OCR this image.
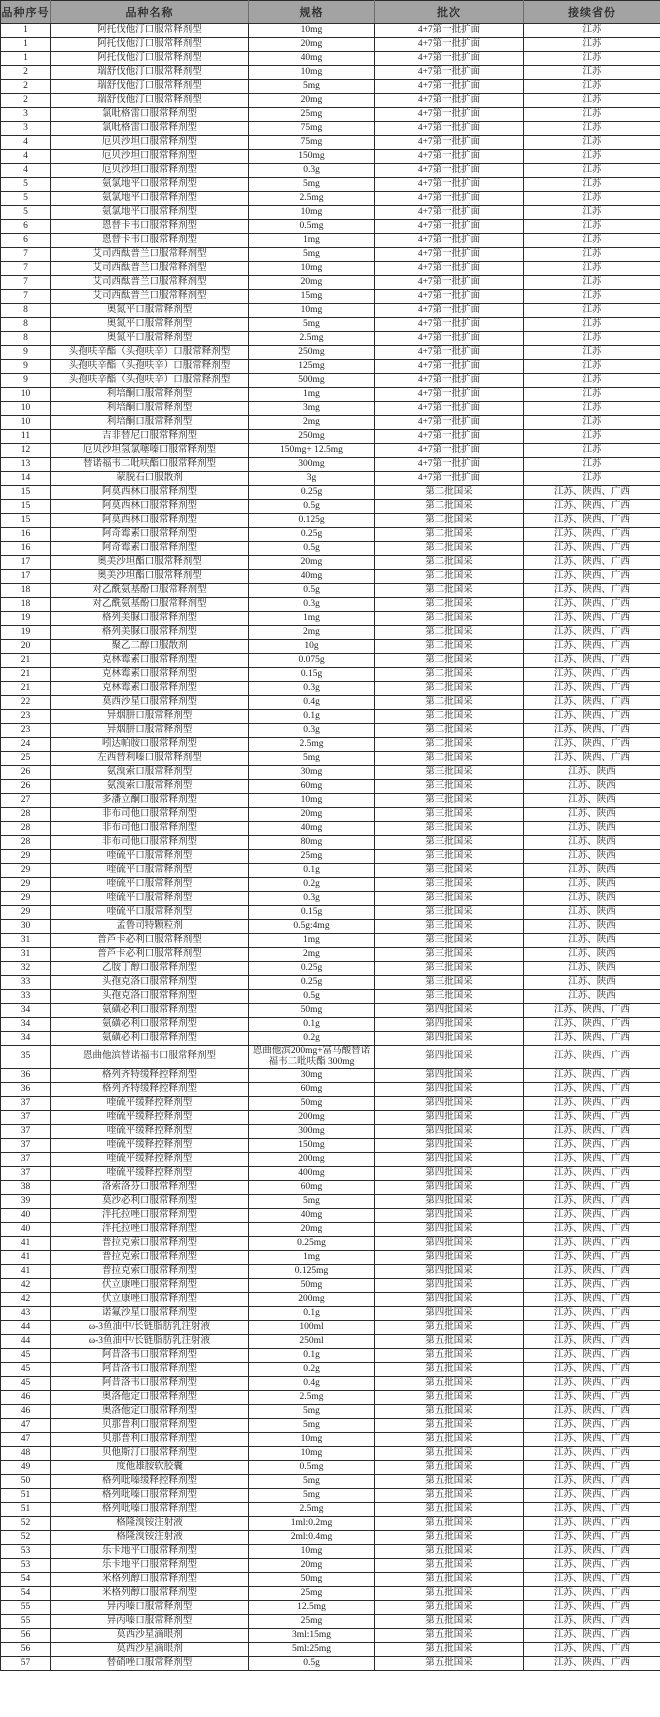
品种序号	品种名称	规格	批次	接续省份
1	阿托伐他汀口服常释剂型	10mg	4+7第一批扩面	江苏
1	阿托伐他汀口服常释剂型	20mg	4+7第一批扩面	江苏
1	阿托伐他汀口服常释剂型	40mg	4+7第一批扩面	江苏
2	瑞舒伐他汀口服常释剂型	10mg	4+7第一批扩面	江苏
2	瑞舒伐他汀口服常释剂型	5mg	4+7第一批扩面	江苏
2	瑞舒伐他汀口服常释剂型	20mg	4+7第一批扩面	江苏
3	氯吡格雷口服常释剂型	25mg	4+7第一批扩面	江苏
3	氯吡格雷口服常释剂型	75mg	4+7第一批扩面	江苏
4	厄贝沙坦口服常释剂型	75mg	4+7第一批扩面	江苏
4	厄贝沙坦口服常释剂型	150mg	4+7第一批扩面	江苏
4	厄贝沙坦口服常释剂型	0.3g	4+7第一批扩面	江苏
5	氨氯地平口服常释剂型	5mg	4+7第一批扩面	江苏
5	氨氯地平口服常释剂型	2.5mg	4+7第一批扩面	江苏
5	氨氯地平口服常释剂型	10mg	4+7第一批扩面	江苏
6	恩替卡韦口服常释剂型	0.5mg	4+7第一批扩面	江苏
6	恩替卡韦口服常释剂型	1mg	4+7第一批扩面	江苏
7	艾司西酞普兰口服常释剂型	5mg	4+7第一批扩面	江苏
7	艾司西酞普兰口服常释剂型	10mg	4+7第一批扩面	江苏
7	艾司西酞普兰口服常释剂型	20mg	4+7第一批扩面	江苏
7	艾司西酞普兰口服常释剂型	15mg	4+7第一批扩面	江苏
8	奥氮平口服常释剂型	10mg	4+7第一批扩面	江苏
8	奥氮平口服常释剂型	5mg	4+7第一批扩面	江苏
8	奥氮平口服常释剂型	2.5mg	4+7第一批扩面	江苏
9	头孢呋辛酯（头孢呋辛）口服常释剂型	250mg	4+7第一批扩面	江苏
9	头孢呋辛酯（头孢呋辛）口服常释剂型	125mg	4+7第一批扩面	江苏
9	头孢呋辛酯（头孢呋辛）口服常释剂型	500mg	4+7第一批扩面	江苏
10	利培酮口服常释剂型	1mg	4+7第一批扩面	江苏
10	利培酮口服常释剂型	3mg	4+7第一批扩面	江苏
10	利培酮口服常释剂型	2mg	4+7第一批扩面	江苏
11	吉非替尼口服常释剂型	250mg	4+7第一批扩面	江苏
12	厄贝沙坦氢氯噻嗪口服常释剂型	150mg+ 12.5mg	4+7第一批扩面	江苏
13	替诺福韦二吡呋酯口服常释剂型	300mg	4+7第一批扩面	江苏
14	蒙脱石口服散剂	3g	4+7第一批扩面	江苏
15	阿莫西林口服常释剂型	0.25g	第二批国采	江苏、陕西、广西
15	阿莫西林口服常释剂型	0.5g	第二批国采	江苏、陕西、广西
15	阿莫西林口服常释剂型	0.125g	第二批国采	江苏、陕西、广西
16	阿奇霉素口服常释剂型	0.25g	第二批国采	江苏、陕西、广西
16	阿奇霉素口服常释剂型	0.5g	第二批国采	江苏、陕西、广西
17	奥美沙坦酯口服常释剂型	20mg	第二批国采	江苏、陕西、广西
17	奥美沙坦酯口服常释剂型	40mg	第二批国采	江苏、陕西、广西
18	对乙酰氨基酚口服常释剂型	0.5g	第二批国采	江苏、陕西、广西
18	对乙酰氨基酚口服常释剂型	0.3g	第二批国采	江苏、陕西、广西
19	格列美脲口服常释剂型	1mg	第二批国采	江苏、陕西、广西
19	格列美脲口服常释剂型	2mg	第二批国采	江苏、陕西、广西
20	聚乙二醇口服散剂	10g	第二批国采	江苏、陕西、广西
21	克林霉素口服常释剂型	0.075g	第二批国采	江苏、陕西、广西
21	克林霉素口服常释剂型	0.15g	第二批国采	江苏、陕西、广西
21	克林霉素口服常释剂型	0.3g	第二批国采	江苏、陕西、广西
22	莫西沙星口服常释剂型	0.4g	第二批国采	江苏、陕西、广西
23	异烟肼口服常释剂型	0.1g	第二批国采	江苏、陕西、广西
23	异烟肼口服常释剂型	0.3g	第二批国采	江苏、陕西、广西
24	吲达帕胺口服常释剂型	2.5mg	第二批国采	江苏、陕西、广西
25	左西替利嗪口服常释剂型	5mg	第二批国采	江苏、陕西、广西
26	氨溴索口服常释剂型	30mg	第三批国采	江苏、陕西
26	氨溴索口服常释剂型	60mg	第三批国采	江苏、陕西
27	多潘立酮口服常释剂型	10mg	第三批国采	江苏、陕西
28	非布司他口服常释剂型	20mg	第三批国采	江苏、陕西
28	非布司他口服常释剂型	40mg	第三批国采	江苏、陕西
28	非布司他口服常释剂型	80mg	第三批国采	江苏、陕西
29	喹硫平口服常释剂型	25mg	第三批国采	江苏、陕西
29	喹硫平口服常释剂型	0.1g	第三批国采	江苏、陕西
29	喹硫平口服常释剂型	0.2g	第三批国采	江苏、陕西
29	喹硫平口服常释剂型	0.3g	第三批国采	江苏、陕西
29	喹硫平口服常释剂型	0.15g	第三批国采	江苏、陕西
30	孟鲁司特颗粒剂	0.5g:4mg	第三批国采	江苏、陕西
31	普芦卡必利口服常释剂型	1mg	第三批国采	江苏、陕西
31	普芦卡必利口服常释剂型	2mg	第三批国采	江苏、陕西
32	乙胺丁醇口服常释剂型	0.25g	第三批国采	江苏、陕西
33	头孢克洛口服常释剂型	0.25g	第三批国采	江苏、陕西
33	头孢克洛口服常释剂型	0.5g	第三批国采	江苏、陕西
34	氨磺必利口服常释剂型	50mg	第四批国采	江苏、陕西、广西
34	氨磺必利口服常释剂型	0.1g	第四批国采	江苏、陕西、广西
34	氨磺必利口服常释剂型	0.2g	第四批国采	江苏、陕西、广西
35	恩曲他滨替诺福韦口服常释剂型	恩曲他滨200mg+富马酸替诺福韦二吡呋酯 300mg	第四批国采	江苏、陕西、广西
36	格列齐特缓释控释剂型	30mg	第四批国采	江苏、陕西、广西
36	格列齐特缓释控释剂型	60mg	第四批国采	江苏、陕西、广西
37	喹硫平缓释控释剂型	50mg	第四批国采	江苏、陕西、广西
37	喹硫平缓释控释剂型	200mg	第四批国采	江苏、陕西、广西
37	喹硫平缓释控释剂型	300mg	第四批国采	江苏、陕西、广西
37	喹硫平缓释控释剂型	150mg	第四批国采	江苏、陕西、广西
37	喹硫平缓释控释剂型	200mg	第四批国采	江苏、陕西、广西
37	喹硫平缓释控释剂型	400mg	第四批国采	江苏、陕西、广西
38	洛索洛芬口服常释剂型	60mg	第四批国采	江苏、陕西、广西
39	莫沙必利口服常释剂型	5mg	第四批国采	江苏、陕西、广西
40	泮托拉唑口服常释剂型	40mg	第四批国采	江苏、陕西、广西
40	泮托拉唑口服常释剂型	20mg	第四批国采	江苏、陕西、广西
41	普拉克索口服常释剂型	0.25mg	第四批国采	江苏、陕西、广西
41	普拉克索口服常释剂型	1mg	第四批国采	江苏、陕西、广西
41	普拉克索口服常释剂型	0.125mg	第四批国采	江苏、陕西、广西
42	伏立康唑口服常释剂型	50mg	第四批国采	江苏、陕西、广西
42	伏立康唑口服常释剂型	200mg	第四批国采	江苏、陕西、广西
43	诺氟沙星口服常释剂型	0.1g	第四批国采	江苏、陕西、广西
44	ω-3鱼油中/长链脂肪乳注射液	100ml	第五批国采	江苏、陕西、广西
44	ω-3鱼油中/长链脂肪乳注射液	250ml	第五批国采	江苏、陕西、广西
45	阿昔洛韦口服常释剂型	0.1g	第五批国采	江苏、陕西、广西
45	阿昔洛韦口服常释剂型	0.2g	第五批国采	江苏、陕西、广西
45	阿昔洛韦口服常释剂型	0.4g	第五批国采	江苏、陕西、广西
46	奥洛他定口服常释剂型	2.5mg	第五批国采	江苏、陕西、广西
46	奥洛他定口服常释剂型	5mg	第五批国采	江苏、陕西、广西
47	贝那普利口服常释剂型	5mg	第五批国采	江苏、陕西、广西
47	贝那普利口服常释剂型	10mg	第五批国采	江苏、陕西、广西
48	贝他斯汀口服常释剂型	10mg	第五批国采	江苏、陕西、广西
49	度他雄胺软胶囊	0.5mg	第五批国采	江苏、陕西、广西
50	格列吡嗪缓释控释剂型	5mg	第五批国采	江苏、陕西、广西
51	格列吡嗪口服常释剂型	5mg	第五批国采	江苏、陕西、广西
51	格列吡嗪口服常释剂型	2.5mg	第五批国采	江苏、陕西、广西
52	格隆溴铵注射液	1ml:0.2mg	第五批国采	江苏、陕西、广西
52	格隆溴铵注射液	2ml:0.4mg	第五批国采	江苏、陕西、广西
53	乐卡地平口服常释剂型	10mg	第五批国采	江苏、陕西、广西
53	乐卡地平口服常释剂型	20mg	第五批国采	江苏、陕西、广西
54	米格列醇口服常释剂型	50mg	第五批国采	江苏、陕西、广西
54	米格列醇口服常释剂型	25mg	第五批国采	江苏、陕西、广西
55	异丙嗪口服常释剂型	12.5mg	第五批国采	江苏、陕西、广西
55	异丙嗪口服常释剂型	25mg	第五批国采	江苏、陕西、广西
56	莫西沙星滴眼剂	3ml:15mg	第五批国采	江苏、陕西、广西
56	莫西沙星滴眼剂	5ml:25mg	第五批国采	江苏、陕西、广西
57	替硝唑口服常释剂型	0.5g	第五批国采	江苏、陕西、广西
